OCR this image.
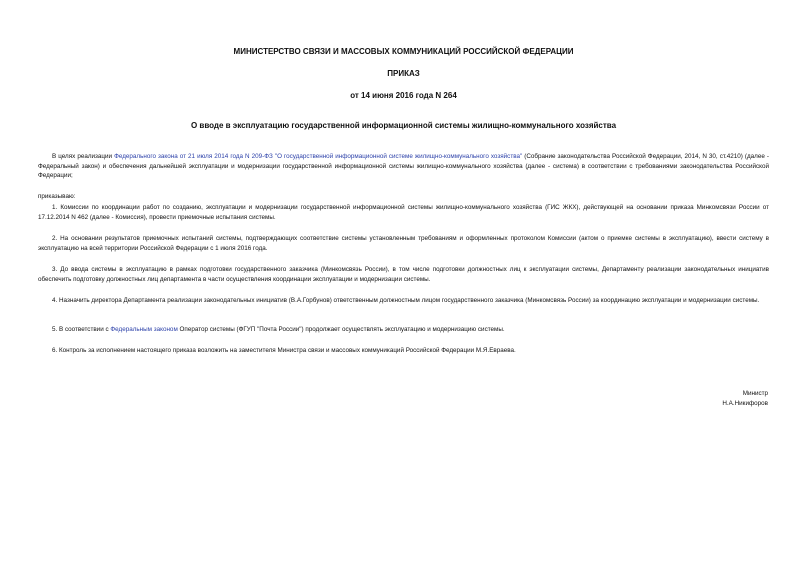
МИНИСТЕРСТВО СВЯЗИ И МАССОВЫХ КОММУНИКАЦИЙ РОССИЙСКОЙ ФЕДЕРАЦИИ
ПРИКАЗ
от 14 июня 2016 года N 264
О вводе в эксплуатацию государственной информационной системы жилищно-коммунального хозяйства
В целях реализации Федерального закона от 21 июля 2014 года N 209-ФЗ "О государственной информационной системе жилищно-коммунального хозяйства" (Собрание законодательства Российской Федерации, 2014, N 30, ст.4210) (далее - Федеральный закон) и обеспечения дальнейшей эксплуатации и модернизации государственной информационной системы жилищно-коммунального хозяйства (далее - система) в соответствии с требованиями законодательства Российской Федерации;
приказываю:
1. Комиссии по координации работ по созданию, эксплуатации и модернизации государственной информационной системы жилищно-коммунального хозяйства (ГИС ЖКХ), действующей на основании приказа Минкомсвязи России от 17.12.2014 N 462 (далее - Комиссия), провести приемочные испытания системы.
2. На основании результатов приемочных испытаний системы, подтверждающих соответствие системы установленным требованиям и оформленных протоколом Комиссии (актом о приемке системы в эксплуатацию), ввести систему в эксплуатацию на всей территории Российской Федерации с 1 июля 2016 года.
3. До ввода системы в эксплуатацию в рамках подготовки государственного заказчика (Минкомсвязь России), в том числе подготовки должностных лиц к эксплуатации системы, Департаменту реализации законодательных инициатив обеспечить подготовку должностных лиц департамента в части осуществления координации эксплуатации и модернизации системы.
4. Назначить директора Департамента реализации законодательных инициатив (В.А.Горбунов) ответственным должностным лицом государственного заказчика (Минкомсвязь России) за координацию эксплуатации и модернизации системы.
5. В соответствии с Федеральным законом Оператор системы (ФГУП "Почта России") продолжает осуществлять эксплуатацию и модернизацию системы.
6. Контроль за исполнением настоящего приказа возложить на заместителя Министра связи и массовых коммуникаций Российской Федерации М.Я.Евраева.
Министр
Н.А.Никифоров
